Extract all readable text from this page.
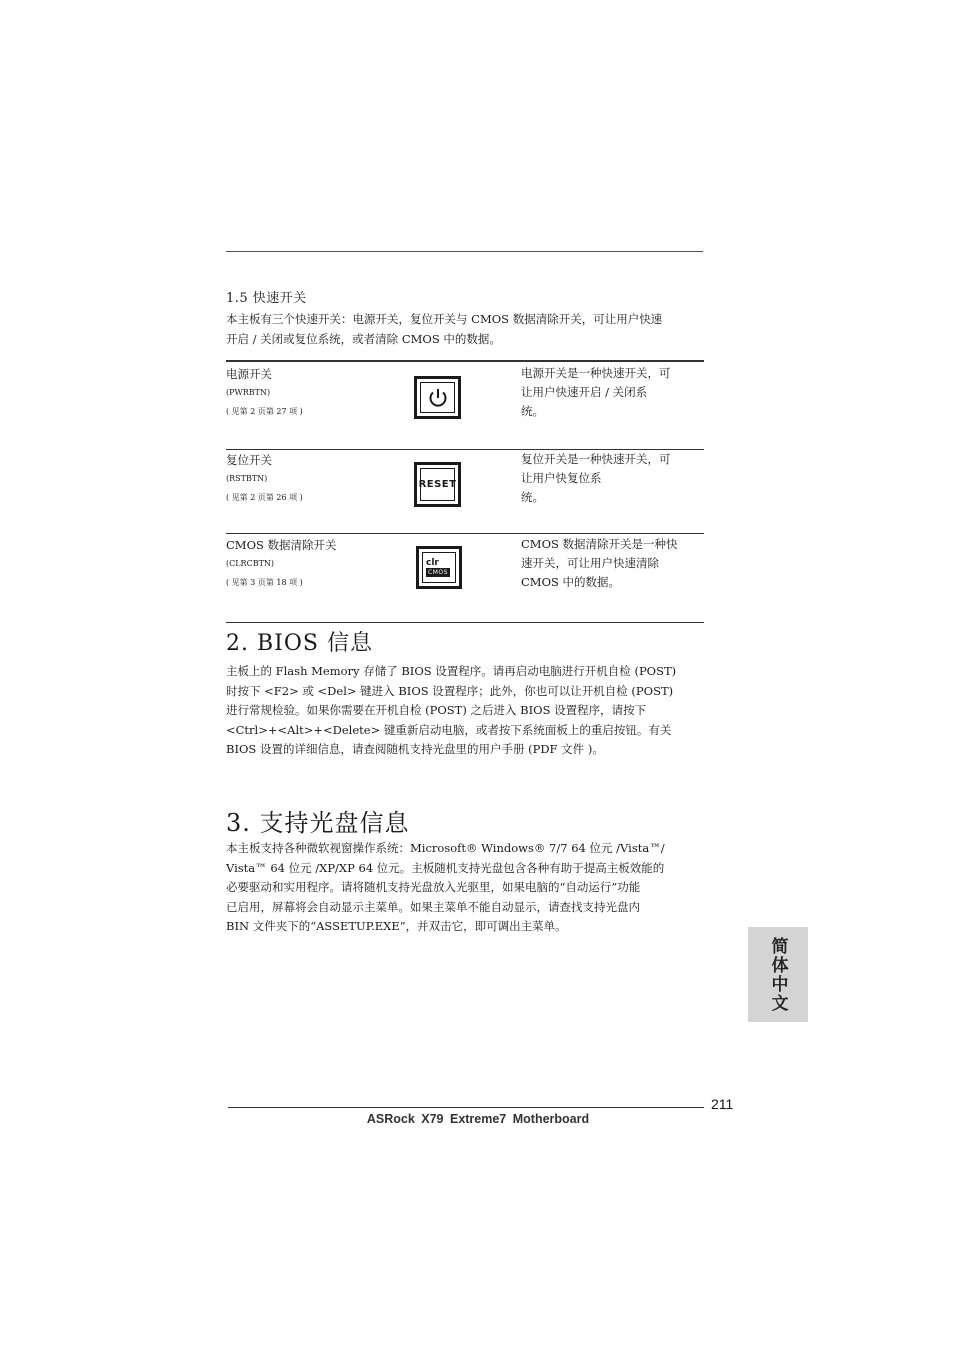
1.5 快速开关
本主板有三个快速开关：电源开关，复位开关与 CMOS 数据清除开关，可让用户快速
开启 / 关闭或复位系统，或者清除 CMOS 中的数据。
电源开关
(PWRBTN)
( 见第 2 页第 27 项 )
电源开关是一种快速开关，可
让用户快速开启 / 关闭系
统。
复位开关
(RSTBTN)
( 见第 2 页第 26 项 )
RESET
复位开关是一种快速开关，可
让用户快复位系
统。
CMOS 数据清除开关
(CLRCBTN)
( 见第 3 页第 18 项 )
clr
CMOS
CMOS 数据清除开关是一种快
速开关，可让用户快速清除
CMOS 中的数据。
2. BIOS 信息
主板上的 Flash Memory 存储了 BIOS 设置程序。请再启动电脑进行开机自检 (POST)
时按下 <F2> 或 <Del> 键进入 BIOS 设置程序；此外，你也可以让开机自检 (POST)
进行常规检验。如果你需要在开机自检 (POST) 之后进入 BIOS 设置程序，请按下
<Ctrl>+<Alt>+<Delete> 键重新启动电脑，或者按下系统面板上的重启按钮。有关
BIOS 设置的详细信息，请查阅随机支持光盘里的用户手册 (PDF 文件 )。
3. 支持光盘信息
本主板支持各种微软视窗操作系统：Microsoft® Windows® 7/7 64 位元 /Vista™/
Vista™ 64 位元 /XP/XP 64 位元。主板随机支持光盘包含各种有助于提高主板效能的
必要驱动和实用程序。请将随机支持光盘放入光驱里，如果电脑的“自动运行”功能
已启用，屏幕将会自动显示主菜单。如果主菜单不能自动显示，请查找支持光盘内
BIN 文件夹下的“ASSETUP.EXE”，并双击它，即可调出主菜单。
简体中文
211
ASRock X79 Extreme7 Motherboard
